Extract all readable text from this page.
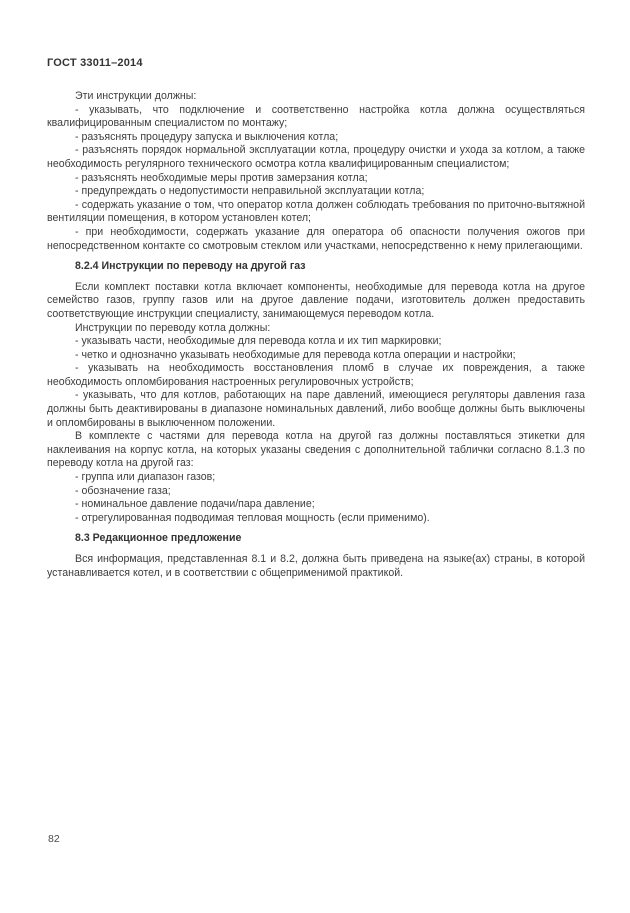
ГОСТ 33011–2014
Эти инструкции должны:
- указывать, что подключение и соответственно настройка котла должна осуществляться квалифицированным специалистом по монтажу;
- разъяснять процедуру запуска и выключения котла;
- разъяснять порядок нормальной эксплуатации котла, процедуру очистки и ухода за котлом, а также необходимость регулярного технического осмотра котла квалифицированным специалистом;
- разъяснять необходимые меры против замерзания котла;
- предупреждать о недопустимости неправильной эксплуатации котла;
- содержать указание о том, что оператор котла должен соблюдать требования по приточно-вытяжной вентиляции помещения, в котором установлен котел;
- при необходимости, содержать указание для оператора об опасности получения ожогов при непосредственном контакте со смотровым стеклом или участками, непосредственно к нему прилегающими.
8.2.4 Инструкции по переводу на другой газ
Если комплект поставки котла включает компоненты, необходимые для перевода котла на другое семейство газов, группу газов или на другое давление подачи, изготовитель должен предоставить соответствующие инструкции специалисту, занимающемуся переводом котла.
Инструкции по переводу котла должны:
- указывать части, необходимые для перевода котла и их тип маркировки;
- четко и однозначно указывать необходимые для перевода котла операции и настройки;
- указывать на необходимость восстановления пломб в случае их повреждения, а также необходимость опломбирования настроенных регулировочных устройств;
- указывать, что для котлов, работающих на паре давлений, имеющиеся регуляторы давления газа должны быть деактивированы в диапазоне номинальных давлений, либо вообще должны быть выключены и опломбированы в выключенном положении.
В комплекте с частями для перевода котла на другой газ должны поставляться этикетки для наклеивания на корпус котла, на которых указаны сведения с дополнительной таблички согласно 8.1.3 по переводу котла на другой газ:
- группа или диапазон газов;
- обозначение газа;
- номинальное давление подачи/пара давление;
- отрегулированная подводимая тепловая мощность (если применимо).
8.3 Редакционное предложение
Вся информация, представленная 8.1 и 8.2, должна быть приведена на языке(ах) страны, в которой устанавливается котел, и в соответствии с общеприменимой практикой.
82
